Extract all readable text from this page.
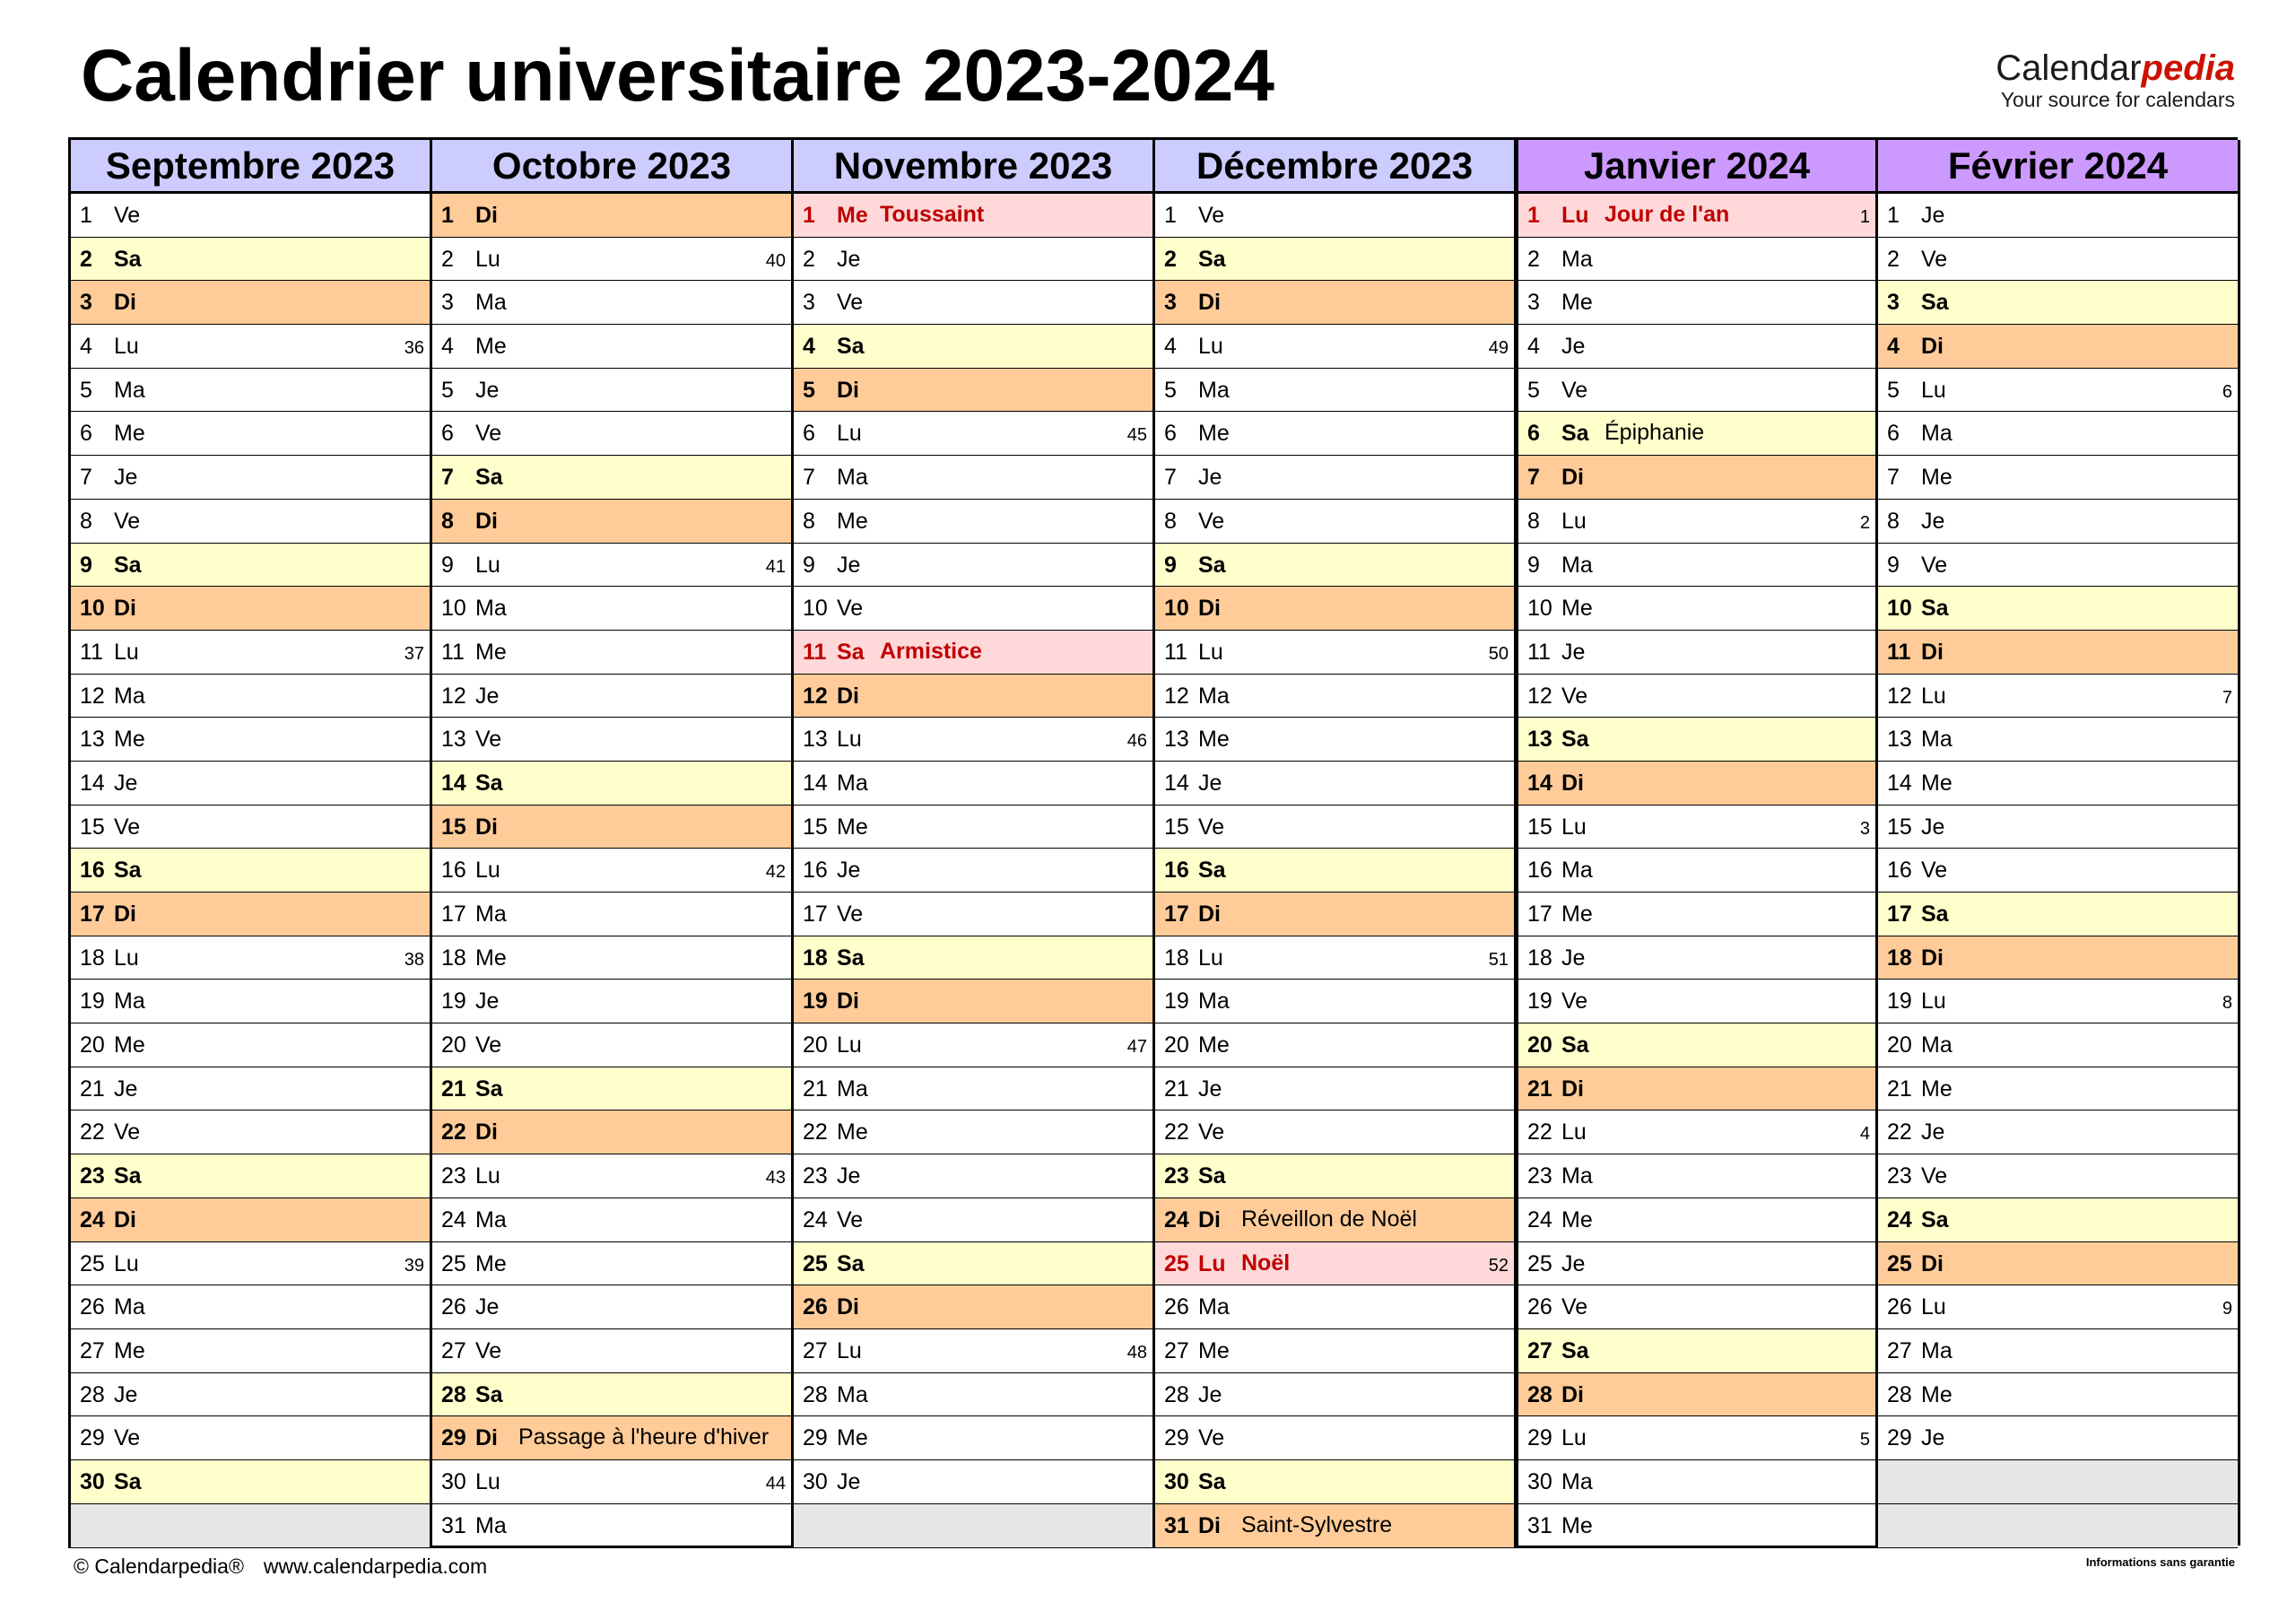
Calendrier universitaire 2023-2024	Calendarpedia
Your source for calendars
Septembre 2023
1 Ve
2 Sa
3 Di
4 Lu	36
5 Ma
6 Me
7 Je
8 Ve
9 Sa
10 Di
11 Lu	37
12 Ma
13 Me
14 Je
15 Ve
16 Sa
17 Di
18 Lu	38
19 Ma
20 Me
21 Je
22 Ve
23 Sa
24 Di
25 Lu	39
26 Ma
27 Me
28 Je
29 Ve
30 Sa
Octobre 2023
1 Di
2 Lu	40
3 Ma
4 Me
5 Je
6 Ve
7 Sa
8 Di
9 Lu	41
10 Ma
11 Me
12 Je
13 Ve
14 Sa
15 Di
16 Lu	42
17 Ma
18 Me
19 Je
20 Ve
21 Sa
22 Di
23 Lu	43
24 Ma
25 Me
26 Je
27 Ve
28 Sa
29 Di Passage à l'heure d'hiver
30 Lu	44
31 Ma
Novembre 2023
1 Me Toussaint
2 Je
3 Ve
4 Sa
5 Di
6 Lu	45
7 Ma
8 Me
9 Je
10 Ve
11 Sa Armistice
12 Di
13 Lu	46
14 Ma
15 Me
16 Je
17 Ve
18 Sa
19 Di
20 Lu	47
21 Ma
22 Me
23 Je
24 Ve
25 Sa
26 Di
27 Lu	48
28 Ma
29 Me
30 Je
Décembre 2023
1 Ve
2 Sa
3 Di
4 Lu	49
5 Ma
6 Me
7 Je
8 Ve
9 Sa
10 Di
11 Lu	50
12 Ma
13 Me
14 Je
15 Ve
16 Sa
17 Di
18 Lu	51
19 Ma
20 Me
21 Je
22 Ve
23 Sa
24 Di Réveillon de Noël
25 Lu Noël	52
26 Ma
27 Me
28 Je
29 Ve
30 Sa
31 Di Saint-Sylvestre
Janvier 2024
1 Lu Jour de l'an	1
2 Ma
3 Me
4 Je
5 Ve
6 Sa Épiphanie
7 Di
8 Lu	2
9 Ma
10 Me
11 Je
12 Ve
13 Sa
14 Di
15 Lu	3
16 Ma
17 Me
18 Je
19 Ve
20 Sa
21 Di
22 Lu	4
23 Ma
24 Me
25 Je
26 Ve
27 Sa
28 Di
29 Lu	5
30 Ma
31 Me
Février 2024
1 Je
2 Ve
3 Sa
4 Di
5 Lu	6
6 Ma
7 Me
8 Je
9 Ve
10 Sa
11 Di
12 Lu	7
13 Ma
14 Me
15 Je
16 Ve
17 Sa
18 Di
19 Lu	8
20 Ma
21 Me
22 Je
23 Ve
24 Sa
25 Di
26 Lu	9
27 Ma
28 Me
29 Je
© Calendarpedia® www.calendarpedia.com	Informations sans garantie
